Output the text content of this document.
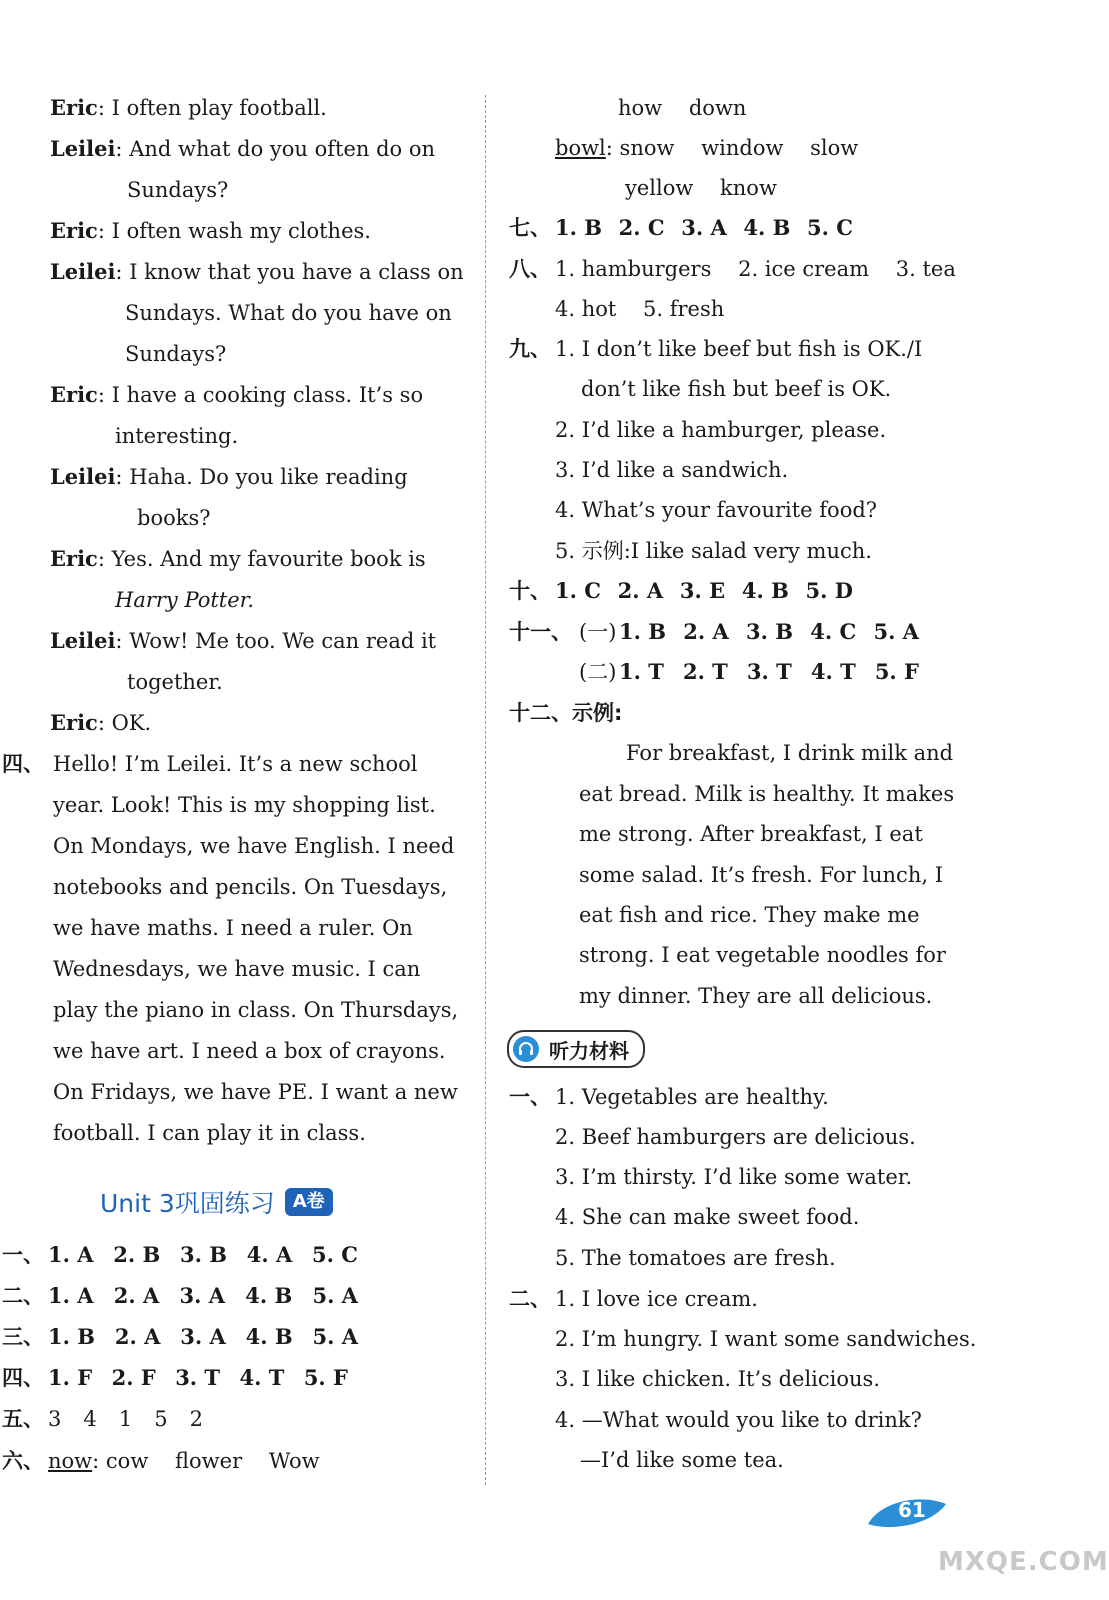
Eric: I often play football.
Leilei: And what do you often do on
Sundays?
Eric: I often wash my clothes.
Leilei: I know that you have a class on
Sundays. What do you have on
Sundays?
Eric: I have a cooking class. It’s so
interesting.
Leilei: Haha. Do you like reading
books?
Eric: Yes. And my favourite book is
Harry Potter.
Leilei: Wow! Me too. We can read it
together.
Eric: OK.
四、 Hello! I’m Leilei. It’s a new school
year. Look! This is my shopping list.
On Mondays, we have English. I need
notebooks and pencils. On Tuesdays,
we have maths. I need a ruler. On
Wednesdays, we have music. I can
play the piano in class. On Thursdays,
we have art. I need a box of crayons.
On Fridays, we have PE. I want a new
football. I can play it in class.
Unit 3巩固练习	A卷
一、 1. A 2. B 3. B 4. A 5. C
二、 1. A 2. A 3. A 4. B 5. A
三、 1. B 2. A 3. A 4. B 5. A
四、 1. F 2. F 3. T 4. T 5. F
五、 3 4 1 5 2
六、 now: cow flower Wow
how down
bowl: snow window slow
yellow know
七、 1. B 2. C 3. A 4. B 5. C
八、 1. hamburgers 2. ice cream 3. tea
4. hot 5. fresh
九、 1. I don’t like beef but fish is OK./I
don’t like fish but beef is OK.
2. I’d like a hamburger, please.
3. I’d like a sandwich.
4. What’s your favourite food?
5. 示例:I like salad very much.
十、 1. C 2. A 3. E 4. B 5. D
十一、 (一) 1. B 2. A 3. B 4. C 5. A
(二) 1. T 2. T 3. T 4. T 5. F
十二、示例:
For breakfast, I drink milk and
eat bread. Milk is healthy. It makes
me strong. After breakfast, I eat
some salad. It’s fresh. For lunch, I
eat fish and rice. They make me
strong. I eat vegetable noodles for
my dinner. They are all delicious.
一、 1. Vegetables are healthy.
2. Beef hamburgers are delicious.
3. I’m thirsty. I’d like some water.
4. She can make sweet food.
5. The tomatoes are fresh.
二、 1. I love ice cream.
2. I’m hungry. I want some sandwiches.
3. I like chicken. It’s delicious.
4. —What would you like to drink?
—I’d like some tea.
听力材料
61
MXQE.COM
